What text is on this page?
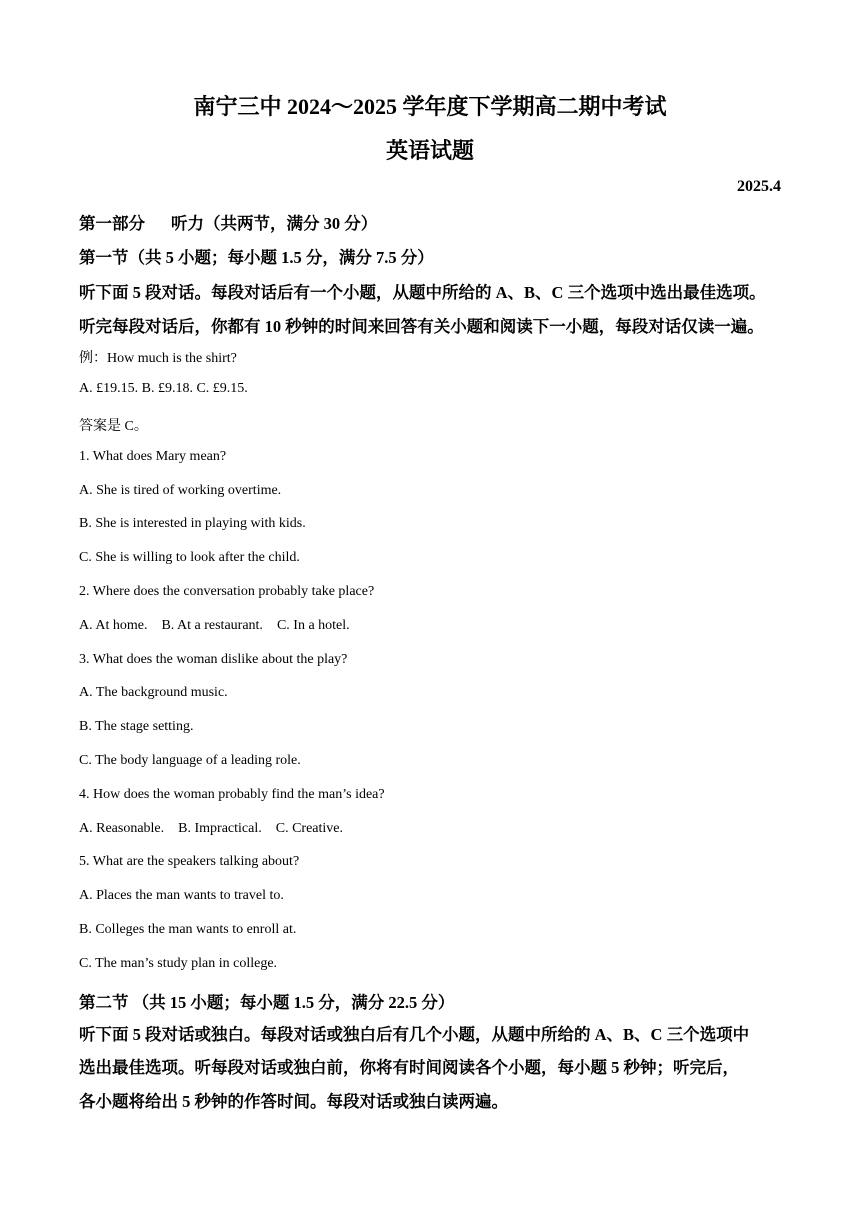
南宁三中 2024～2025 学年度下学期高二期中考试
英语试题
2025.4
第一部分 听力（共两节，满分 30 分）
第一节（共 5 小题；每小题 1.5 分，满分 7.5 分）
听下面 5 段对话。每段对话后有一个小题，从题中所给的 A、B、C 三个选项中选出最佳选项。
听完每段对话后，你都有 10 秒钟的时间来回答有关小题和阅读下一小题，每段对话仅读一遍。
例：How much is the shirt?
A. £19.15. B. £9.18. C. £9.15.
答案是 C。
1. What does Mary mean?
A. She is tired of working overtime.
B. She is interested in playing with kids.
C. She is willing to look after the child.
2. Where does the conversation probably take place?
A. At home. B. At a restaurant. C. In a hotel.
3. What does the woman dislike about the play?
A. The background music.
B. The stage setting.
C. The body language of a leading role.
4. How does the woman probably find the man’s idea?
A. Reasonable. B. Impractical. C. Creative.
5. What are the speakers talking about?
A. Places the man wants to travel to.
B. Colleges the man wants to enroll at.
C. The man’s study plan in college.
第二节 （共 15 小题；每小题 1.5 分，满分 22.5 分）
听下面 5 段对话或独白。每段对话或独白后有几个小题，从题中所给的 A、B、C 三个选项中
选出最佳选项。听每段对话或独白前，你将有时间阅读各个小题，每小题 5 秒钟；听完后，
各小题将给出 5 秒钟的作答时间。每段对话或独白读两遍。
